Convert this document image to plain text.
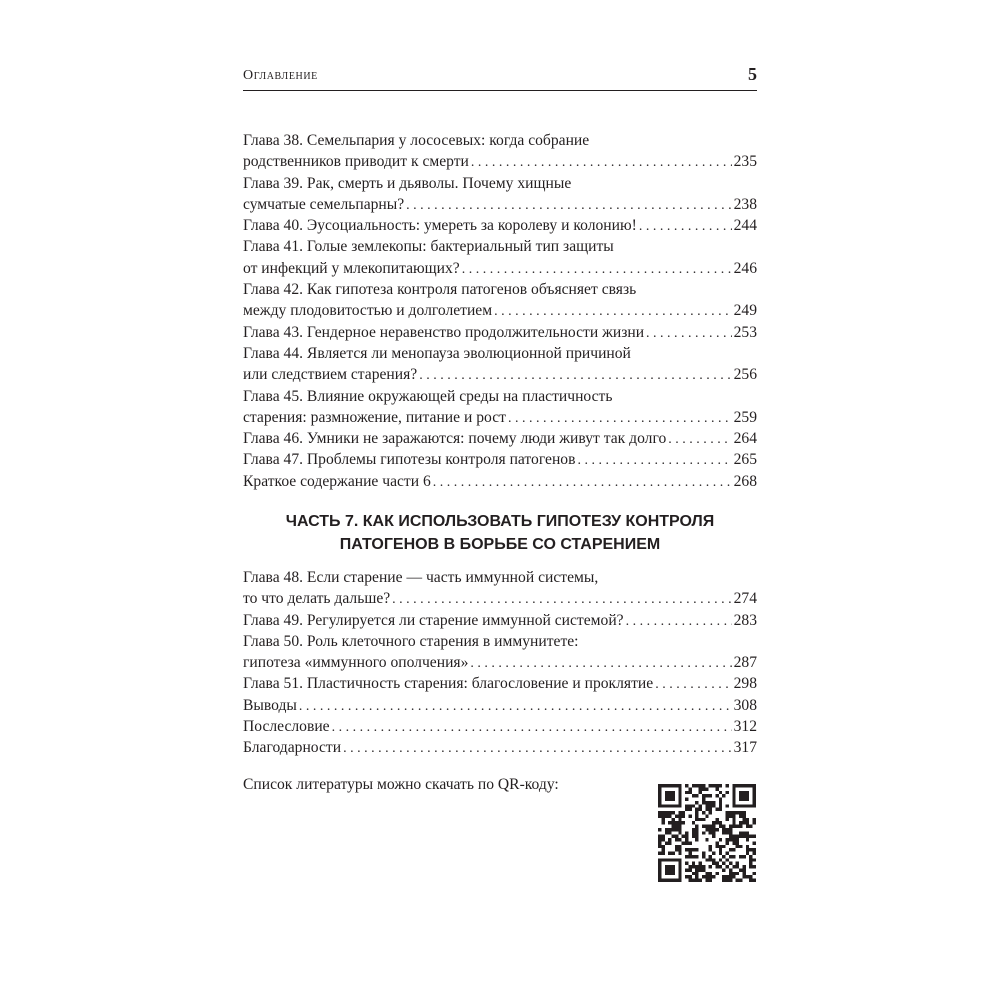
Оглавление	5
Глава 38. Семельпария у лососевых: когда собрание
родственников приводит к смерти . . .	235
Глава 39. Рак, смерть и дьяволы. Почему хищные
сумчатые семельпарны? . . .	238
Глава 40. Эусоциальность: умереть за королеву и колонию! . . .	244
Глава 41. Голые землекопы: бактериальный тип защиты
от инфекций у млекопитающих? . . .	246
Глава 42. Как гипотеза контроля патогенов объясняет связь
между плодовитостью и долголетием . . .	249
Глава 43. Гендерное неравенство продолжительности жизни . . .	253
Глава 44. Является ли менопауза эволюционной причиной
или следствием старения? . . .	256
Глава 45. Влияние окружающей среды на пластичность
старения: размножение, питание и рост . . .	259
Глава 46. Умники не заражаются: почему люди живут так долго . . .	264
Глава 47. Проблемы гипотезы контроля патогенов . . .	265
Краткое содержание части 6 . . .	268
ЧАСТЬ 7. КАК ИСПОЛЬЗОВАТЬ ГИПОТЕЗУ КОНТРОЛЯ
ПАТОГЕНОВ В БОРЬБЕ СО СТАРЕНИЕМ
Глава 48. Если старение — часть иммунной системы,
то что делать дальше? . . .	274
Глава 49. Регулируется ли старение иммунной системой? . . .	283
Глава 50. Роль клеточного старения в иммунитете:
гипотеза «иммунного ополчения» . . .	287
Глава 51. Пластичность старения: благословение и проклятие . . .	298
Выводы . . .	308
Послесловие . . .	312
Благодарности . . .	317
Список литературы можно скачать по QR-коду:
